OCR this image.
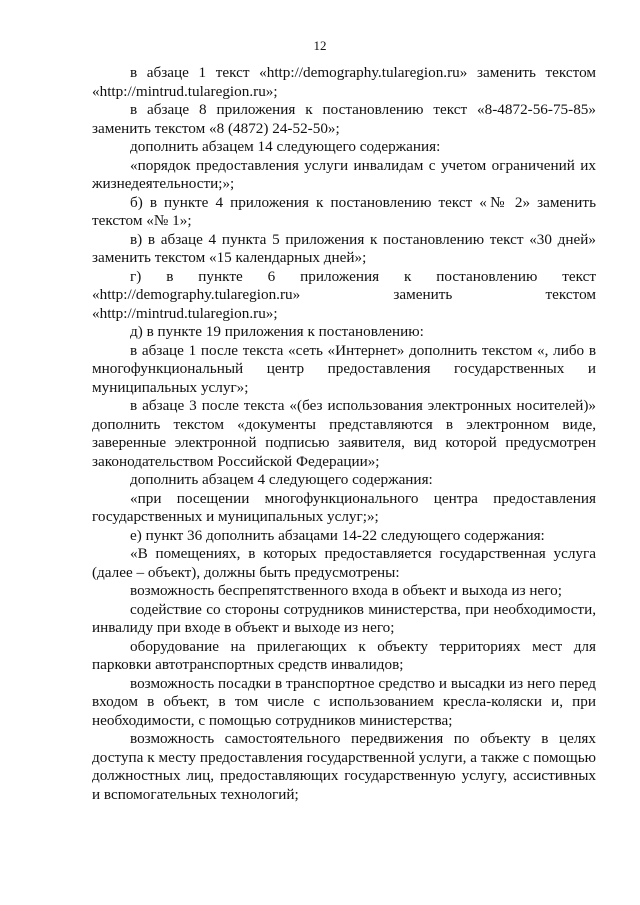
12

в абзаце 1 текст «http://demography.tularegion.ru» заменить текстом «http://mintrud.tularegion.ru»;

в абзаце 8 приложения к постановлению текст «8-4872-56-75-85» заменить текстом «8 (4872) 24-52-50»;

дополнить абзацем 14 следующего содержания:

«порядок предоставления услуги инвалидам с учетом ограничений их жизнедеятельности;»;

б) в пункте 4 приложения к постановлению текст «№ 2» заменить текстом «№ 1»;

в) в абзаце 4 пункта 5 приложения к постановлению текст «30 дней» заменить текстом «15 календарных дней»;

г) в пункте 6 приложения к постановлению текст «http://demography.tularegion.ru» заменить текстом «http://mintrud.tularegion.ru»;

д) в пункте 19 приложения к постановлению:

в абзаце 1 после текста «сеть «Интернет» дополнить текстом «, либо в многофункциональный центр предоставления государственных и муниципальных услуг»;

в абзаце 3 после текста «(без использования электронных носителей)» дополнить текстом «документы представляются в электронном виде, заверенные электронной подписью заявителя, вид которой предусмотрен законодательством Российской Федерации»;

дополнить абзацем 4 следующего содержания:

«при посещении многофункционального центра предоставления государственных и муниципальных услуг;»;

е) пункт 36 дополнить абзацами 14-22 следующего содержания:

«В помещениях, в которых предоставляется государственная услуга (далее – объект), должны быть предусмотрены:

возможность беспрепятственного входа в объект и выхода из него;

содействие со стороны сотрудников министерства, при необходимости, инвалиду при входе в объект и выходе из него;

оборудование на прилегающих к объекту территориях мест для парковки автотранспортных средств инвалидов;

возможность посадки в транспортное средство и высадки из него перед входом в объект, в том числе с использованием кресла-коляски и, при необходимости, с помощью сотрудников министерства;

возможность самостоятельного передвижения по объекту в целях доступа к месту предоставления государственной услуги, а также с помощью должностных лиц, предоставляющих государственную услугу, ассистивных и вспомогательных технологий;
